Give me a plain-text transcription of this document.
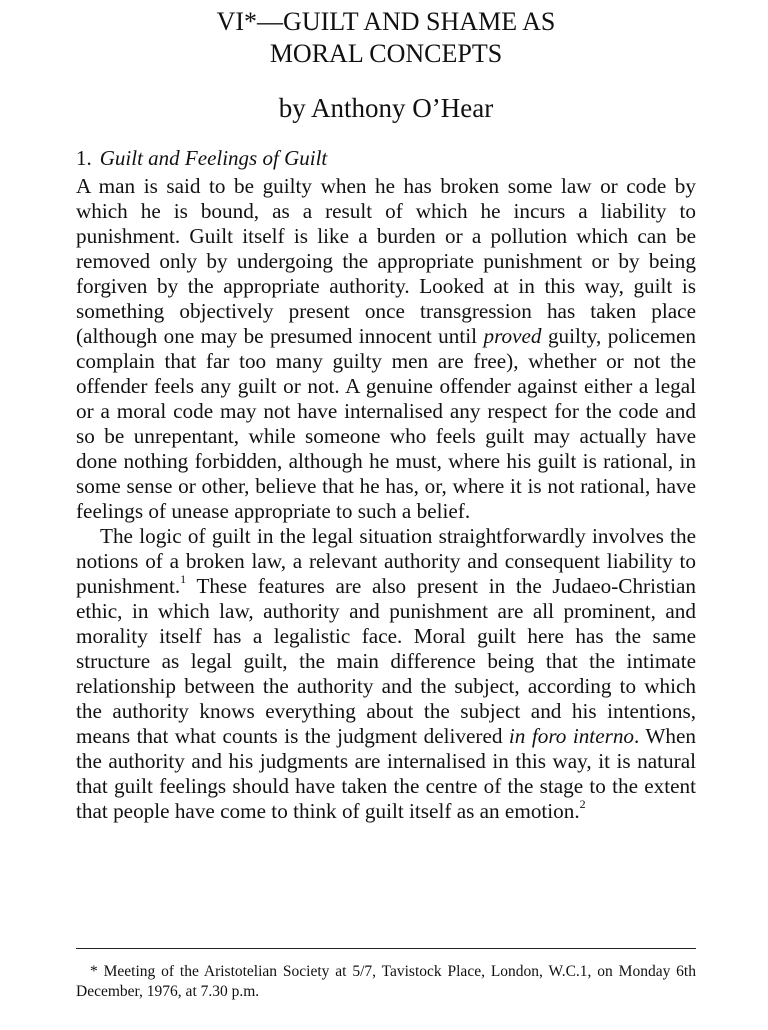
VI*—GUILT AND SHAME AS
MORAL CONCEPTS
by Anthony O’Hear
1. Guilt and Feelings of Guilt

A man is said to be guilty when he has broken some law or code by which he is bound, as a result of which he incurs a liability to punishment. Guilt itself is like a burden or a pollution which can be removed only by undergoing the appropriate punishment or by being forgiven by the appropriate authority. Looked at in this way, guilt is something objectively present once transgression has taken place (although one may be presumed innocent until proved guilty, policemen complain that far too many guilty men are free), whether or not the offender feels any guilt or not. A genuine offender against either a legal or a moral code may not have internalised any respect for the code and so be unrepentant, while someone who feels guilt may actually have done nothing forbidden, although he must, where his guilt is rational, in some sense or other, believe that he has, or, where it is not rational, have feelings of unease appropriate to such a belief.

The logic of guilt in the legal situation straightforwardly involves the notions of a broken law, a relevant authority and consequent liability to punishment.$^1$ These features are also present in the Judaeo-Christian ethic, in which law, authority and punishment are all prominent, and morality itself has a legalistic face. Moral guilt here has the same structure as legal guilt, the main difference being that the intimate relationship between the authority and the subject, according to which the authority knows everything about the subject and his intentions, means that what counts is the judgment delivered in foro interno. When the authority and his judgments are internalised in this way, it is natural that guilt feelings should have taken the centre of the stage to the extent that people have come to think of guilt itself as an emotion.$^2$

* Meeting of the Aristotelian Society at 5/7, Tavistock Place, London, W.C.1, on Monday 6th December, 1976, at 7.30 p.m.
